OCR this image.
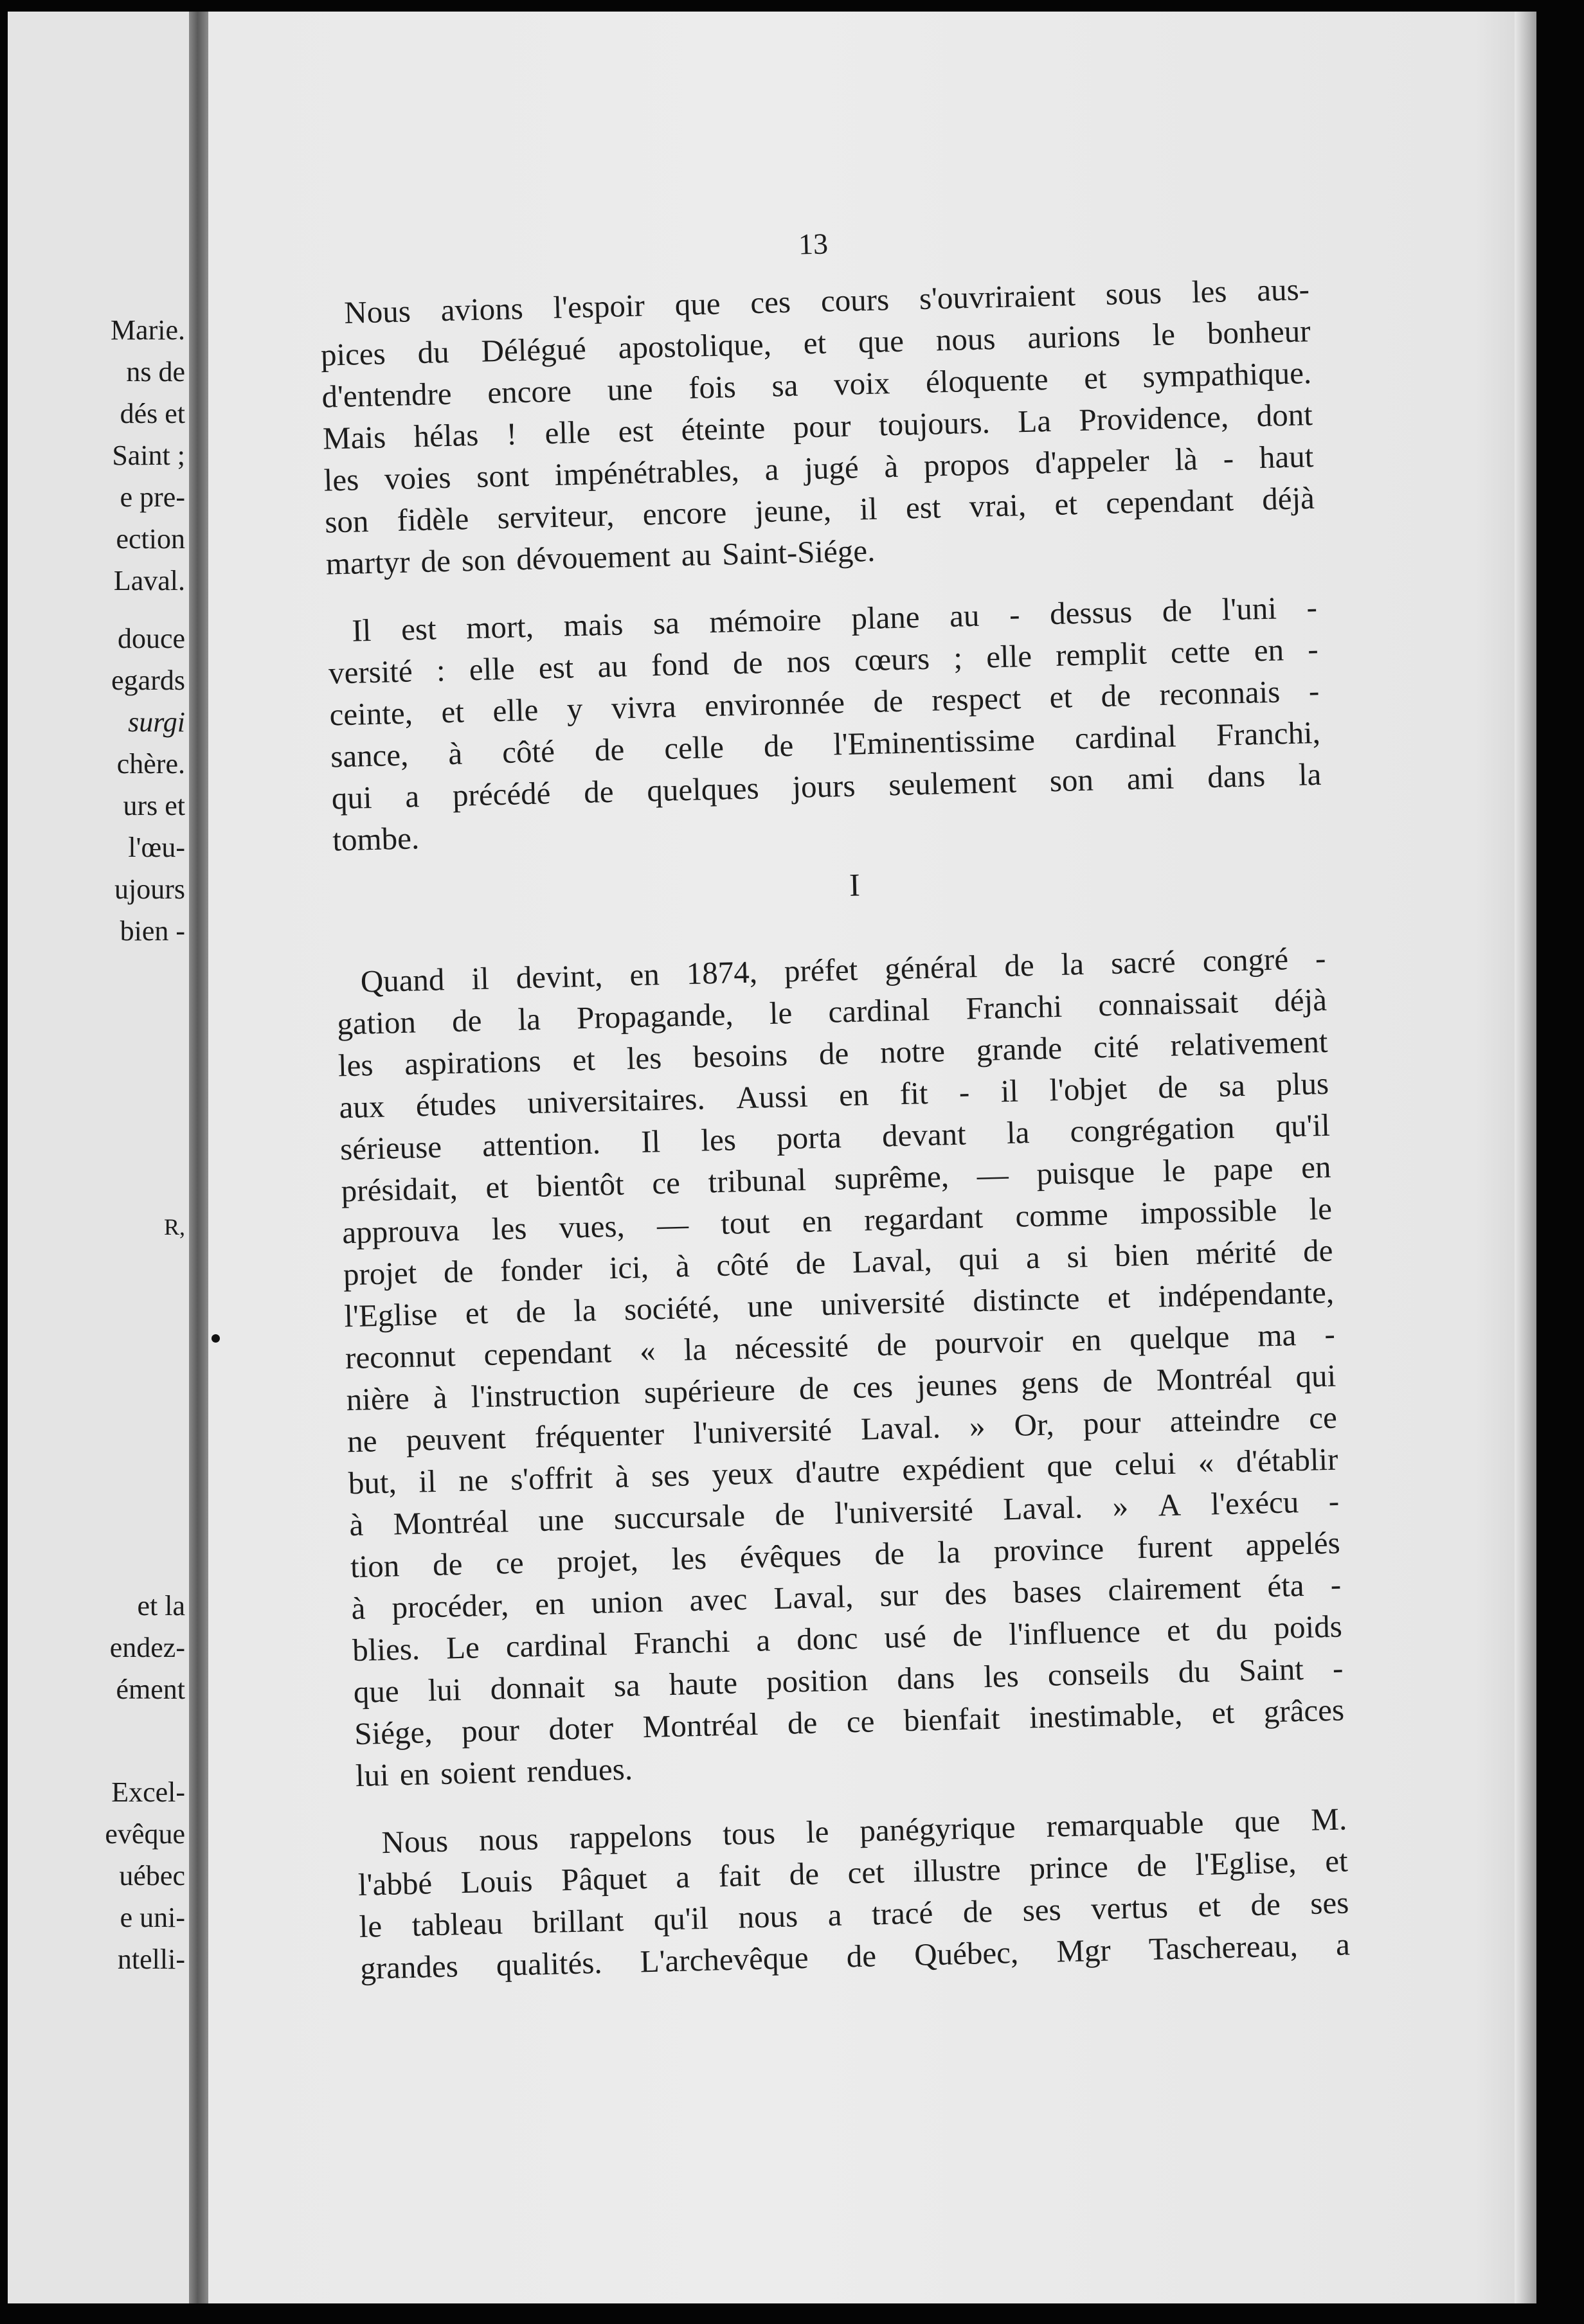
Marie.
ns de
dés et
Saint ;
e pre-
ection
Laval.
douce
egards
surgi
chère.
urs et
l'œu-
ujours
bien -
R,
et la
endez-
ément
Excel-
evêque
uébec
e uni-
ntelli-
13
Nous avions l'espoir que ces cours s'ouvriraient sous les aus-
pices du Délégué apostolique, et que nous aurions le bonheur
d'entendre encore une fois sa voix éloquente et sympathique.
Mais hélas ! elle est éteinte pour toujours. La Providence, dont
les voies sont impénétrables, a jugé à propos d'appeler là - haut
son fidèle serviteur, encore jeune, il est vrai, et cependant déjà
martyr de son dévouement au Saint-Siége.
Il est mort, mais sa mémoire plane au - dessus de l'uni -
versité : elle est au fond de nos cœurs ; elle remplit cette en -
ceinte, et elle y vivra environnée de respect et de reconnais -
sance, à côté de celle de l'Eminentissime cardinal Franchi,
qui a précédé de quelques jours seulement son ami dans la
tombe.
I
Quand il devint, en 1874, préfet général de la sacré congré -
gation de la Propagande, le cardinal Franchi connaissait déjà
les aspirations et les besoins de notre grande cité relativement
aux études universitaires. Aussi en fit - il l'objet de sa plus
sérieuse attention. Il les porta devant la congrégation qu'il
présidait, et bientôt ce tribunal suprême, — puisque le pape en
approuva les vues, — tout en regardant comme impossible le
projet de fonder ici, à côté de Laval, qui a si bien mérité de
l'Eglise et de la société, une université distincte et indépendante,
reconnut cependant « la nécessité de pourvoir en quelque ma -
nière à l'instruction supérieure de ces jeunes gens de Montréal qui
ne peuvent fréquenter l'université Laval. » Or, pour atteindre ce
but, il ne s'offrit à ses yeux d'autre expédient que celui « d'établir
à Montréal une succursale de l'université Laval. » A l'exécu -
tion de ce projet, les évêques de la province furent appelés
à procéder, en union avec Laval, sur des bases clairement éta -
blies. Le cardinal Franchi a donc usé de l'influence et du poids
que lui donnait sa haute position dans les conseils du Saint -
Siége, pour doter Montréal de ce bienfait inestimable, et grâces
lui en soient rendues.
Nous nous rappelons tous le panégyrique remarquable que M.
l'abbé Louis Pâquet a fait de cet illustre prince de l'Eglise, et
le tableau brillant qu'il nous a tracé de ses vertus et de ses
grandes qualités. L'archevêque de Québec, Mgr Taschereau, a
